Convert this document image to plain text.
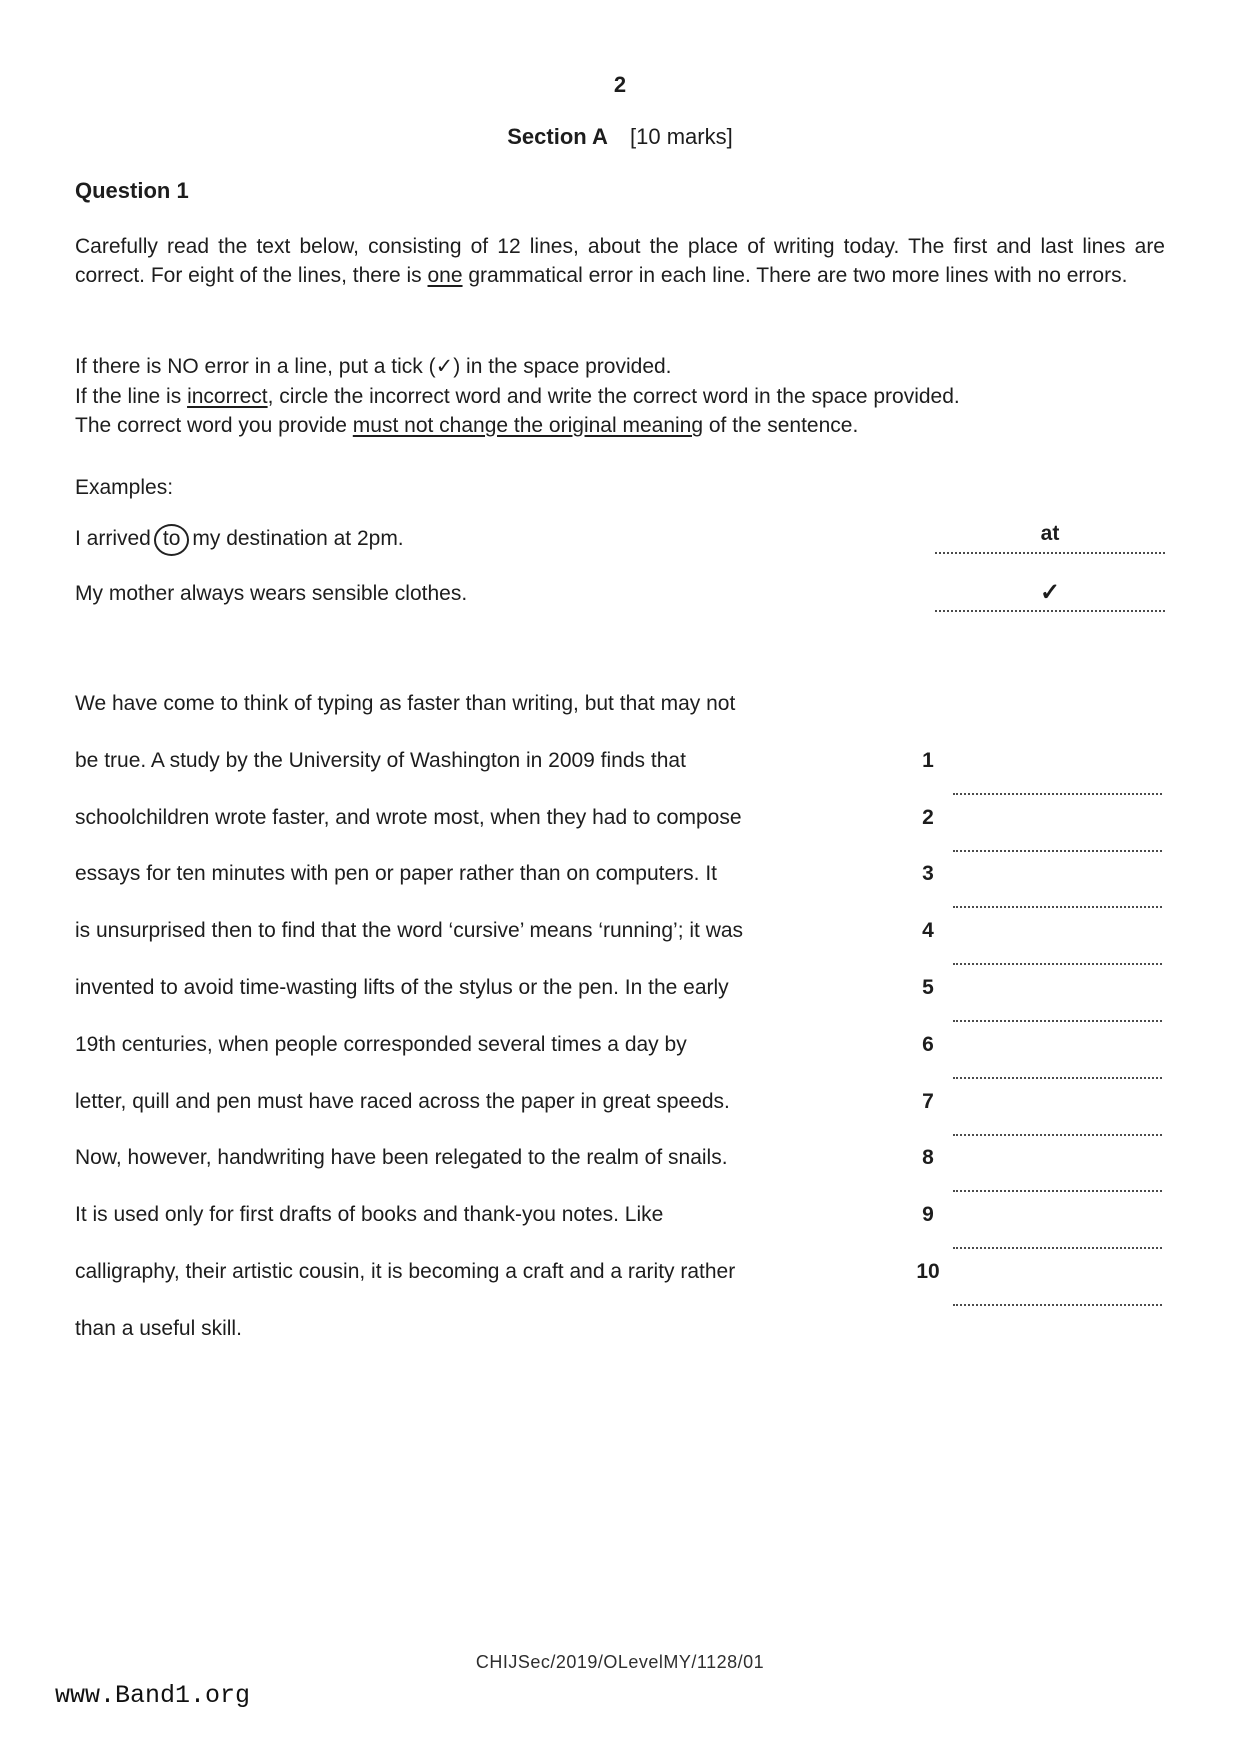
2
Section A [10 marks]
Question 1
Carefully read the text below, consisting of 12 lines, about the place of writing today. The first and last lines are correct. For eight of the lines, there is one grammatical error in each line. There are two more lines with no errors.
If there is NO error in a line, put a tick (✓) in the space provided.
If the line is incorrect, circle the incorrect word and write the correct word in the space provided.
The correct word you provide must not change the original meaning of the sentence.
Examples:
I arrived to my destination at 2pm.	at
My mother always wears sensible clothes.	✓
We have come to think of typing as faster than writing, but that may not
be true. A study by the University of Washington in 2009 finds that	1
schoolchildren wrote faster, and wrote most, when they had to compose	2
essays for ten minutes with pen or paper rather than on computers. It	3
is unsurprised then to find that the word ‘cursive’ means ‘running’; it was	4
invented to avoid time-wasting lifts of the stylus or the pen. In the early	5
19th centuries, when people corresponded several times a day by	6
letter, quill and pen must have raced across the paper in great speeds.	7
Now, however, handwriting have been relegated to the realm of snails.	8
It is used only for first drafts of books and thank-you notes. Like	9
calligraphy, their artistic cousin, it is becoming a craft and a rarity rather	10
than a useful skill.
CHIJSec/2019/OLevelMY/1128/01
www.Band1.org
